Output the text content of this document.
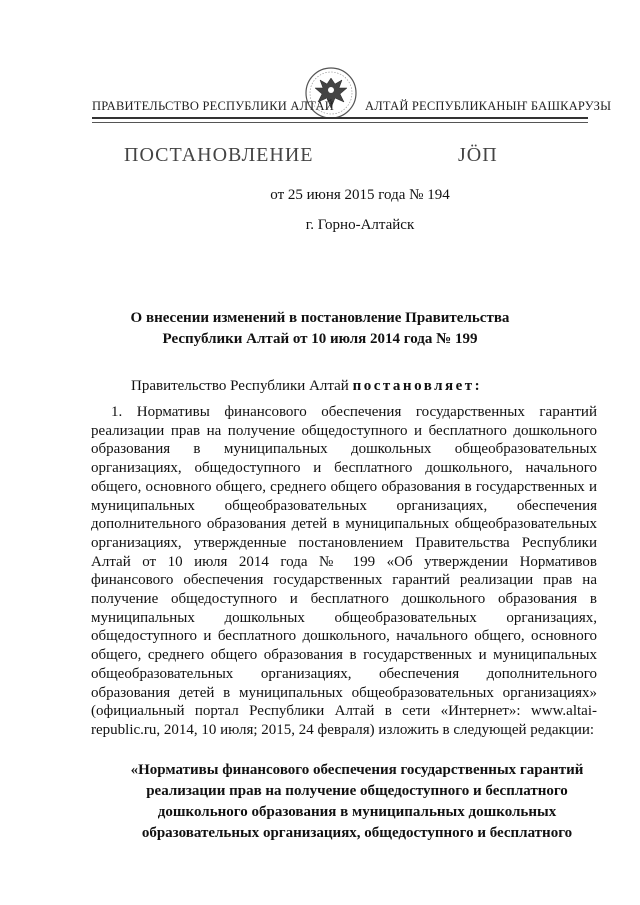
ПРАВИТЕЛЬСТВО РЕСПУБЛИКИ АЛТАЙ АЛТАЙ РЕСПУБЛИКАНЫҤ БАШКАРУЗЫ
ПОСТАНОВЛЕНИЕ	ЈӦП
от 25 июня 2015 года № 194
г. Горно-Алтайск
О внесении изменений в постановление Правительства Республики Алтай от 10 июля 2014 года № 199
Правительство Республики Алтай постановляет:
1. Нормативы финансового обеспечения государственных гарантий реализации прав на получение общедоступного и бесплатного дошкольного образования в муниципальных дошкольных общеобразовательных организациях, общедоступного и бесплатного дошкольного, начального общего, основного общего, среднего общего образования в государственных и муниципальных общеобразовательных организациях, обеспечения дополнительного образования детей в муниципальных общеобразовательных организациях, утвержденные постановлением Правительства Республики Алтай от 10 июля 2014 года № 199 «Об утверждении Нормативов финансового обеспечения государственных гарантий реализации прав на получение общедоступного и бесплатного дошкольного образования в муниципальных дошкольных общеобразовательных организациях, общедоступного и бесплатного дошкольного, начального общего, основного общего, среднего общего образования в государственных и муниципальных общеобразовательных организациях, обеспечения дополнительного образования детей в муниципальных общеобразовательных организациях» (официальный портал Республики Алтай в сети «Интернет»: www.altai-republic.ru, 2014, 10 июля; 2015, 24 февраля) изложить в следующей редакции:
«Нормативы финансового обеспечения государственных гарантий реализации прав на получение общедоступного и бесплатного дошкольного образования в муниципальных дошкольных образовательных организациях, общедоступного и бесплатного
